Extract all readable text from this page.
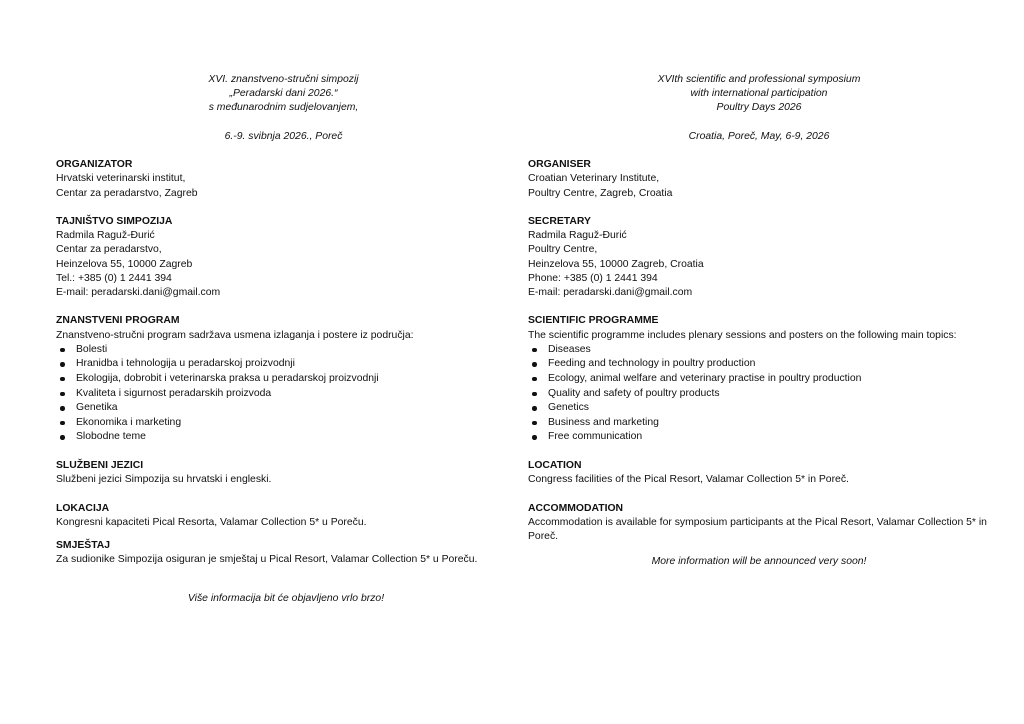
XVI. znanstveno-stručni simpozij
„Peradarski dani 2026.“
s međunarodnim sudjelovanjem,
6.-9. svibnja 2026., Poreč
ORGANIZATOR
Hrvatski veterinarski institut,
Centar za peradarstvo, Zagreb
TAJNIŠTVO SIMPOZIJA
Radmila Raguž-Đurić
Centar za peradarstvo,
Heinzelova 55, 10000 Zagreb
Tel.: +385 (0) 1 2441 394
E-mail: peradarski.dani@gmail.com
ZNANSTVENI PROGRAM
Znanstveno-stručni program sadržava usmena izlaganja i postere iz područja:
Bolesti
Hranidba i tehnologija u peradarskoj proizvodnji
Ekologija, dobrobit i veterinarska praksa u peradarskoj proizvodnji
Kvaliteta i sigurnost peradarskih proizvoda
Genetika
Ekonomika i marketing
Slobodne teme
SLUŽBENI JEZICI
Službeni jezici Simpozija su hrvatski i engleski.
LOKACIJA
Kongresni kapaciteti Pical Resorta, Valamar Collection 5* u Poreču.
SMJEŠTAJ
Za sudionike Simpozija osiguran je smještaj u Pical Resort, Valamar Collection 5* u Poreču.
Više informacija bit će objavljeno vrlo brzo!
XVIth scientific and professional symposium
with international participation
Poultry Days 2026
Croatia, Poreč, May, 6-9, 2026
ORGANISER
Croatian Veterinary Institute,
Poultry Centre, Zagreb, Croatia
SECRETARY
Radmila Raguž-Đurić
Poultry Centre,
Heinzelova 55, 10000 Zagreb, Croatia
Phone: +385 (0) 1 2441 394
E-mail: peradarski.dani@gmail.com
SCIENTIFIC PROGRAMME
The scientific programme includes plenary sessions and posters on the following main topics:
Diseases
Feeding and technology in poultry production
Ecology, animal welfare and veterinary practise in poultry production
Quality and safety of poultry products
Genetics
Business and marketing
Free communication
LOCATION
Congress facilities of the Pical Resort, Valamar Collection 5* in Poreč.
ACCOMMODATION
Accommodation is available for symposium participants at the Pical Resort, Valamar Collection 5* in Poreč.
More information will be announced very soon!
